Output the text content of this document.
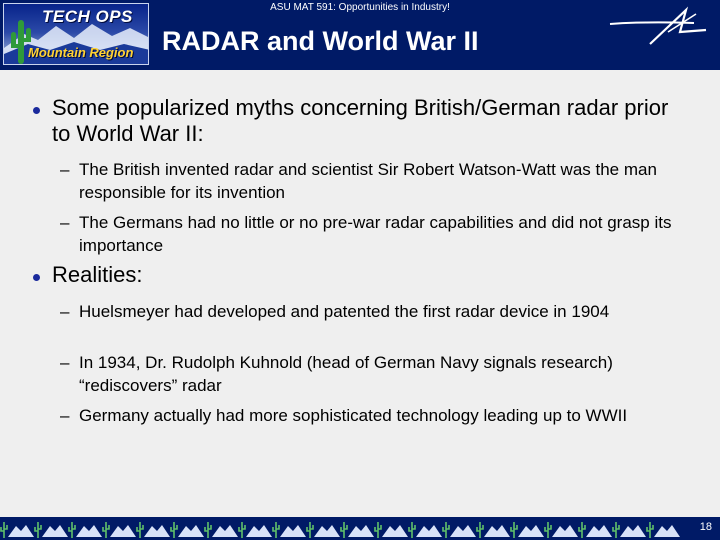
TECH OPS
Mountain Region
ASU MAT 591: Opportunities in Industry!
RADAR and World War II
Some popularized myths concerning British/German radar prior to World War II:
– The British invented radar and scientist Sir Robert Watson-Watt was the man responsible for its invention
– The Germans had no little or no pre-war radar capabilities and did not grasp its importance
Realities:
– Huelsmeyer had developed and patented the first radar device in 1904
– In 1934, Dr. Rudolph Kuhnold (head of German Navy signals research) “rediscovers” radar
– Germany actually had more sophisticated technology leading up to WWII
18
